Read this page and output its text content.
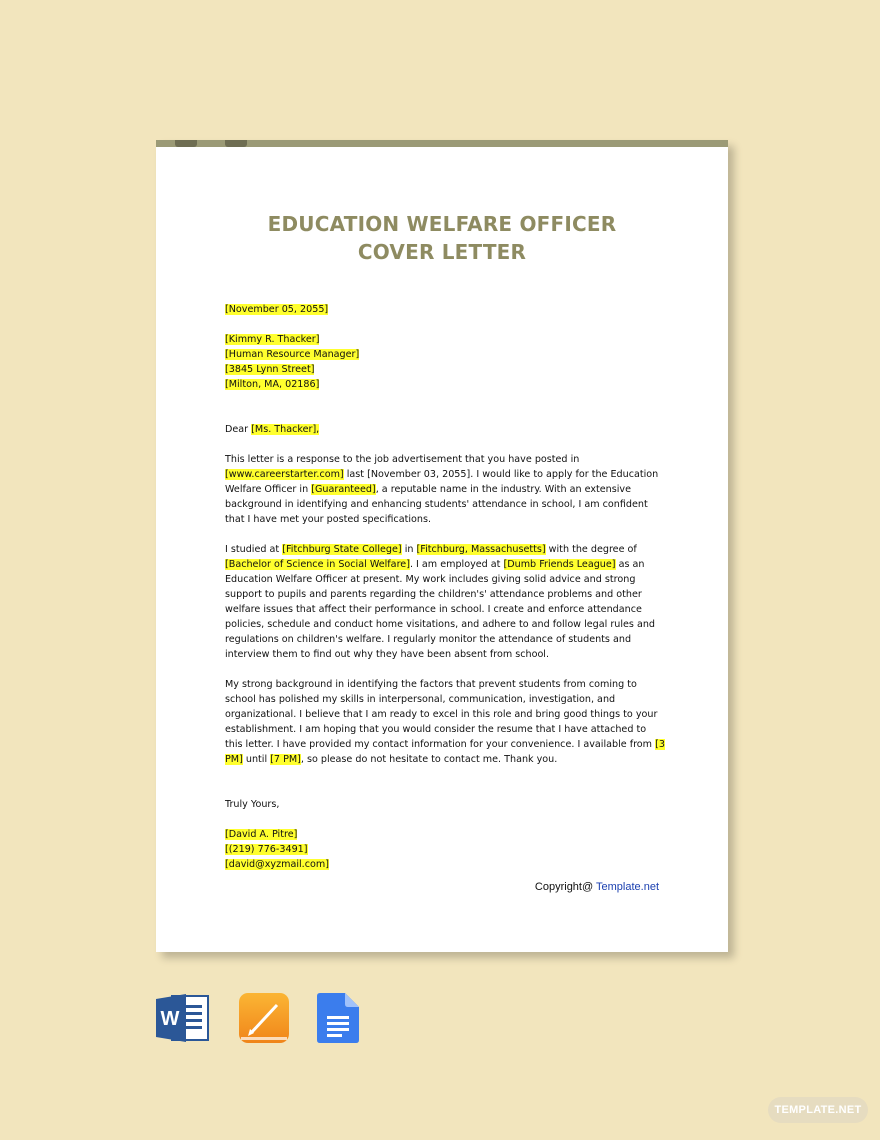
EDUCATION WELFARE OFFICER
COVER LETTER

[November 05, 2055]

[Kimmy R. Thacker]
[Human Resource Manager]
[3845 Lynn Street]
[Milton, MA, 02186]

Dear [Ms. Thacker],

This letter is a response to the job advertisement that you have posted in [www.careerstarter.com] last [November 03, 2055]. I would like to apply for the Education Welfare Officer in [Guaranteed], a reputable name in the industry. With an extensive background in identifying and enhancing students' attendance in school, I am confident that I have met your posted specifications.

I studied at [Fitchburg State College] in [Fitchburg, Massachusetts] with the degree of [Bachelor of Science in Social Welfare]. I am employed at [Dumb Friends League] as an Education Welfare Officer at present. My work includes giving solid advice and strong support to pupils and parents regarding the children's' attendance problems and other welfare issues that affect their performance in school. I create and enforce attendance policies, schedule and conduct home visitations, and adhere to and follow legal rules and regulations on children's welfare. I regularly monitor the attendance of students and interview them to find out why they have been absent from school.

My strong background in identifying the factors that prevent students from coming to school has polished my skills in interpersonal, communication, investigation, and organizational. I believe that I am ready to excel in this role and bring good things to your establishment. I am hoping that you would consider the resume that I have attached to this letter. I have provided my contact information for your convenience. I available from [3 PM] until [7 PM], so please do not hesitate to contact me. Thank you.

Truly Yours,

[David A. Pitre]
[(219) 776-3491]
[david@xyzmail.com]

Copyright@ Template.net
W
TEMPLATE.NET
